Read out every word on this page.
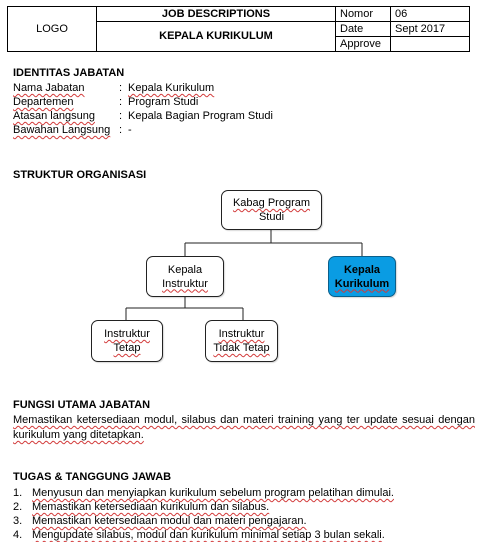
LOGO	JOB DESCRIPTIONS	Nomor	06
	KEPALA KURIKULUM	Date	Sept 2017
		Approve	
IDENTITAS JABATAN
Nama Jabatan	: Kepala Kurikulum
Departemen	: Program Studi
Atasan langsung : Kepala Bagian Program Studi
Bawahan Langsung : -
STRUKTUR ORGANISASI
Kabag Program
Studi
Kepala
Instruktur
Kepala
Kurikulum
Instruktur
Tetap
Instruktur
Tidak Tetap
FUNGSI UTAMA JABATAN
Memastikan ketersediaan modul, silabus dan materi training yang ter update sesuai dengan kurikulum yang ditetapkan.
TUGAS & TANGGUNG JAWAB
1. Menyusun dan menyiapkan kurikulum sebelum program pelatihan dimulai.
2. Memastikan ketersediaan kurikulum dan silabus.
3. Memastikan ketersediaan modul dan materi pengajaran.
4. Mengupdate silabus, modul dan kurikulum minimal setiap 3 bulan sekali.
